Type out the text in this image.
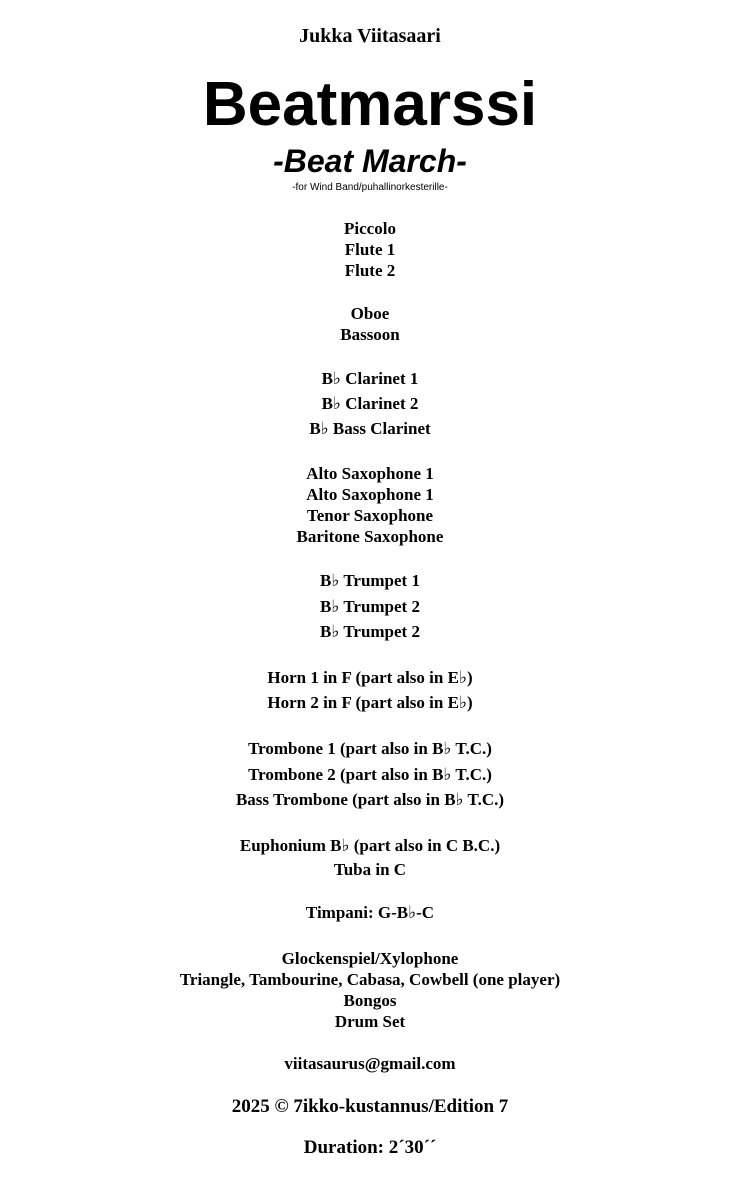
Jukka Viitasaari
Beatmarssi
-Beat March-
-for Wind Band/puhallinorkesterille-
Piccolo
Flute 1
Flute 2
Oboe
Bassoon
B♭ Clarinet 1
B♭ Clarinet 2
B♭ Bass Clarinet
Alto Saxophone 1
Alto Saxophone 1
Tenor Saxophone
Baritone Saxophone
B♭ Trumpet 1
B♭ Trumpet 2
B♭ Trumpet 2
Horn 1 in F (part also in E♭)
Horn 2 in F (part also in E♭)
Trombone 1 (part also in B♭ T.C.)
Trombone 2 (part also in B♭ T.C.)
Bass Trombone (part also in B♭ T.C.)
Euphonium B♭ (part also in C B.C.)
Tuba in C
Timpani: G-B♭-C
Glockenspiel/Xylophone
Triangle, Tambourine, Cabasa, Cowbell (one player)
Bongos
Drum Set
viitasaurus@gmail.com
2025 © 7ikko-kustannus/Edition 7
Duration: 2´30´´
